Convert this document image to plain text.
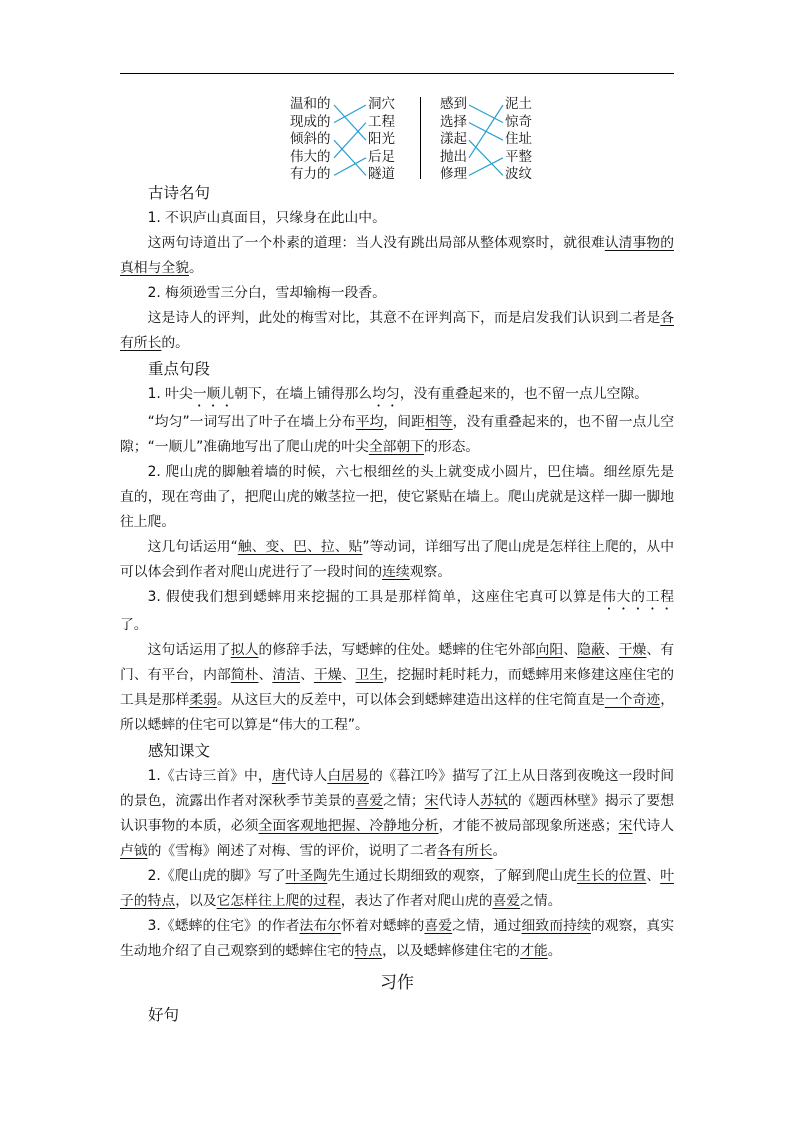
温和的
现成的
倾斜的
伟大的
有力的
洞穴
工程
阳光
后足
隧道
感到
选择
漾起
抛出
修理
泥土
惊奇
住址
平整
波纹

古诗名句

1. 不识庐山真面目，只缘身在此山中。

这两句诗道出了一个朴素的道理：当人没有跳出局部从整体观察时，就很难认清事物的真相与全貌。

2. 梅须逊雪三分白，雪却输梅一段香。

这是诗人的评判，此处的梅雪对比，其意不在评判高下，而是启发我们认识到二者是各有所长的。

重点句段

1. 叶尖一顺儿朝下，在墙上铺得那么均匀，没有重叠起来的，也不留一点儿空隙。

“均匀”一词写出了叶子在墙上分布平均，间距相等，没有重叠起来的，也不留一点儿空隙；“一顺儿”准确地写出了爬山虎的叶尖全部朝下的形态。

2. 爬山虎的脚触着墙的时候，六七根细丝的头上就变成小圆片，巴住墙。细丝原先是直的，现在弯曲了，把爬山虎的嫩茎拉一把，使它紧贴在墙上。爬山虎就是这样一脚一脚地往上爬。

这几句话运用“触、变、巴、拉、贴”等动词，详细写出了爬山虎是怎样往上爬的，从中可以体会到作者对爬山虎进行了一段时间的连续观察。

3. 假使我们想到蟋蟀用来挖掘的工具是那样简单，这座住宅真可以算是伟大的工程了。

这句话运用了拟人的修辞手法，写蟋蟀的住处。蟋蟀的住宅外部向阳、隐蔽、干燥、有门、有平台，内部简朴、清洁、干燥、卫生，挖掘时耗时耗力，而蟋蟀用来修建这座住宅的工具是那样柔弱。从这巨大的反差中，可以体会到蟋蟀建造出这样的住宅简直是一个奇迹，所以蟋蟀的住宅可以算是“伟大的工程”。

感知课文

1.《古诗三首》中，唐代诗人白居易的《暮江吟》描写了江上从日落到夜晚这一段时间的景色，流露出作者对深秋季节美景的喜爱之情；宋代诗人苏轼的《题西林壁》揭示了要想认识事物的本质，必须全面客观地把握、冷静地分析，才能不被局部现象所迷惑；宋代诗人卢钺的《雪梅》阐述了对梅、雪的评价，说明了二者各有所长。

2.《爬山虎的脚》写了叶圣陶先生通过长期细致的观察，了解到爬山虎生长的位置、叶子的特点，以及它怎样往上爬的过程，表达了作者对爬山虎的喜爱之情。

3.《蟋蟀的住宅》的作者法布尔怀着对蟋蟀的喜爱之情，通过细致而持续的观察，真实生动地介绍了自己观察到的蟋蟀住宅的特点，以及蟋蟀修建住宅的才能。

习作

好句
